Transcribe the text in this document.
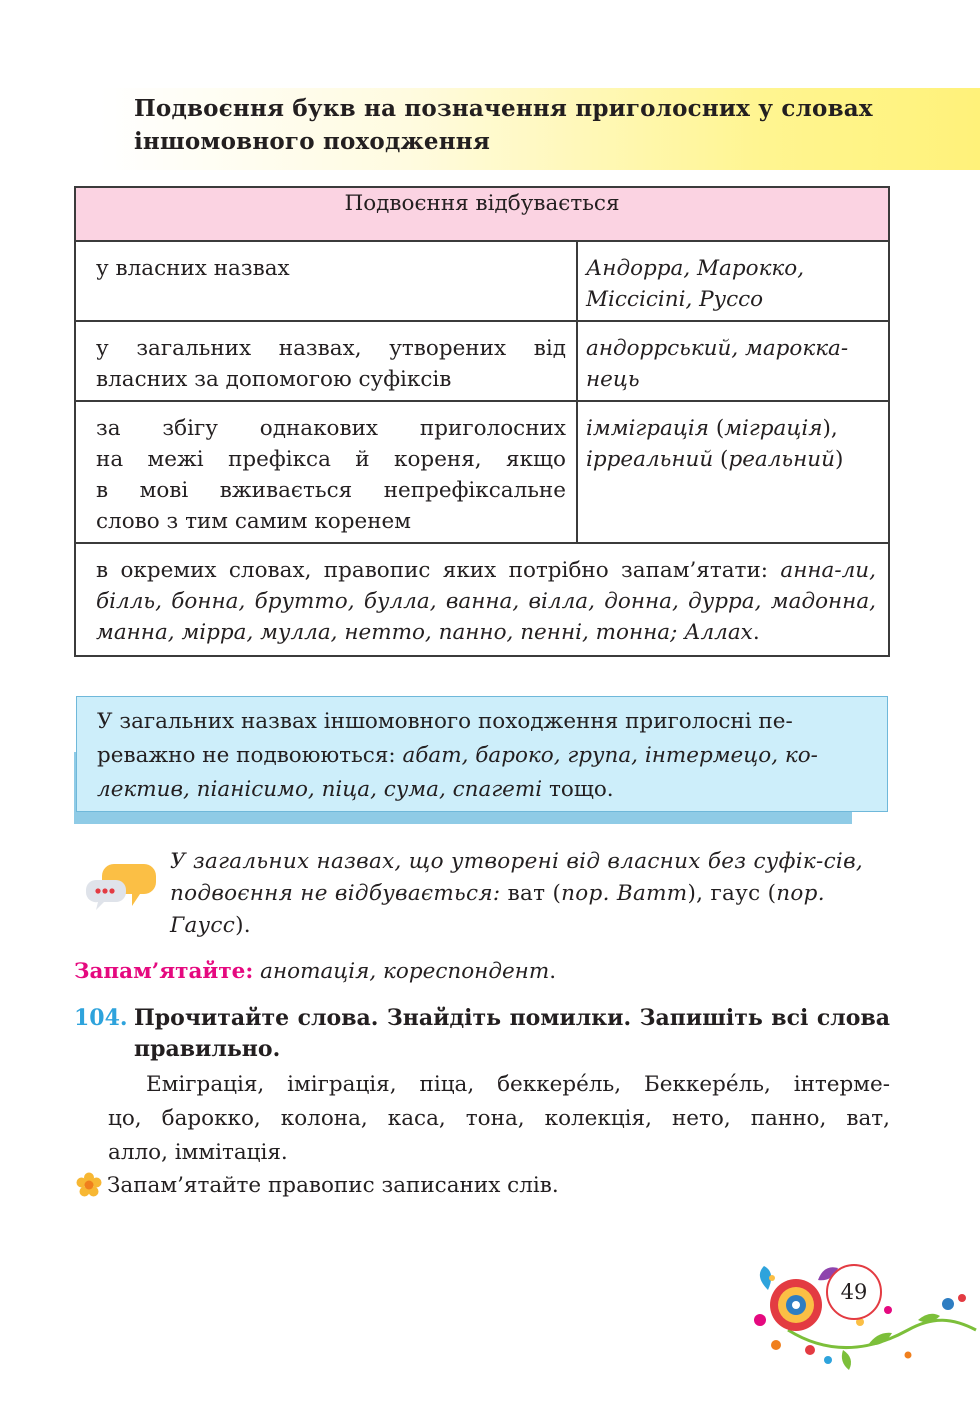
Подвоєння букв на позначення приголосних у словах
іншомовного походження
Подвоєння відбувається	

у власних назвах	Андорра, Марокко,
Міссісіпі, Руссо

у загальних назвах, утворених від
власних за допомогою суфіксів	андоррський, марокка-
нець

за збігу однакових приголосних
на межі префікса й кореня, якщо
в мові вживається непрефіксальне
слово з тим самим коренем	іммiграція (міграція),
ірреальний (реальний)

в окремих словах, правопис яких потрібно запам’ятати: анна-ли, білль, бонна, брутто, булла, ванна, вілла, донна, дурра, мадонна, манна, мірра, мулла, нетто, панно, пенні, тонна; Аллах.	
У загальних назвах іншомовного походження приголосні пе-реважно не подвоюються: абат, бароко, група, інтермецо, ко-лектив, піанісимо, піца, сума, спагеті тощо.
У загальних назвах, що утворені від власних без суфік-сів, подвоєння не відбувається: ват (пор. Ватт), гаус (пор. Гаусс).
Запам’ятайте: анотація, кореспондент.
104. Прочитайте слова. Знайдіть помилки. Запишіть всі слова
правильно.
Еміграція, іміграція, піца, беккере́ль, Беккере́ль, інтерме-
цо, барокко, колона, каса, тона, колекція, нето, панно, ват,
алло, іммітація.
Запам’ятайте правопис записаних слів.
49
